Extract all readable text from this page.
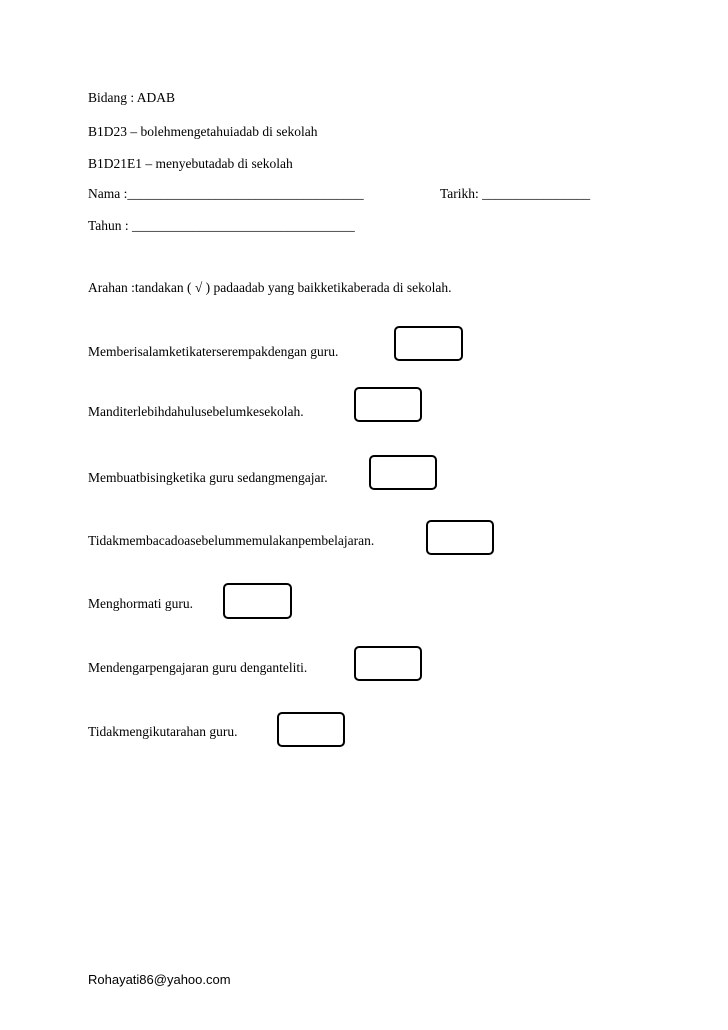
Bidang : ADAB
B1D23 – bolehmengetahuiadab di sekolah
B1D21E1 – menyebutadab di sekolah
Nama :___________________________________	Tarikh: ________________
Tahun : _________________________________
Arahan :tandakan ( √ ) padaadab yang baikketikaberada di sekolah.
Memberisalamketikaterserempakdengan guru.
Manditerlebihdahulusebelumkesekolah.
Membuatbisingketika guru sedangmengajar.
Tidakmembacadoasebelummemulakanpembelajaran.
Menghormati guru.
Mendengarpengajaran guru denganteliti.
Tidakmengikutarahan guru.
Rohayati86@yahoo.com
